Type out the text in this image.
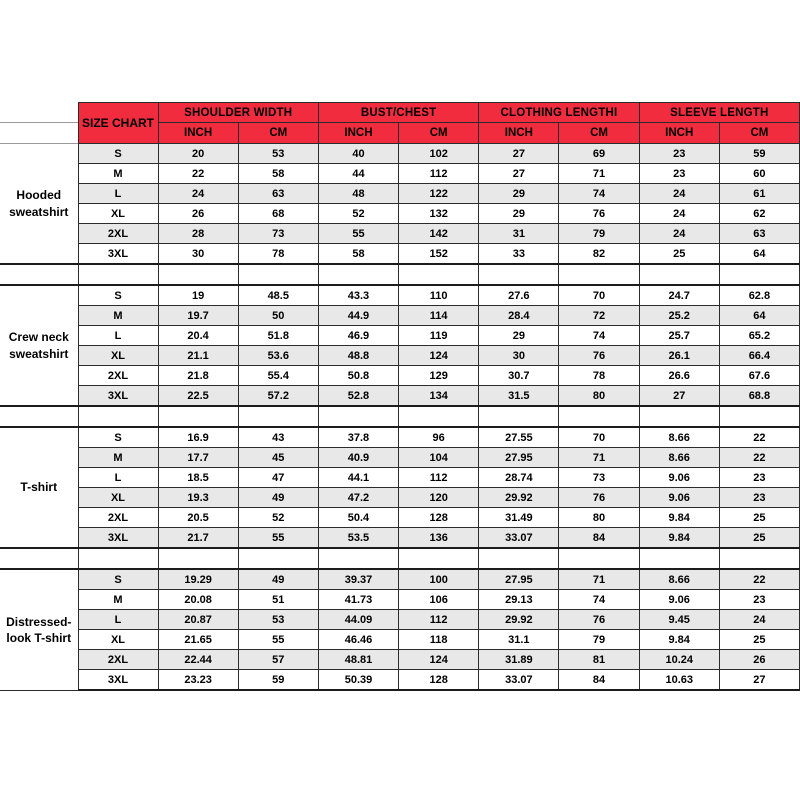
	SIZE CHART	SHOULDER WIDTH		BUST/CHEST		CLOTHING LENGTHI		SLEEVE LENGTH	
		INCH	CM	INCH	CM	INCH	CM	INCH	CM
Hooded sweatshirt	S	20	53	40	102	27	69	23	59
	M	22	58	44	112	27	71	23	60
	L	24	63	48	122	29	74	24	61
	XL	26	68	52	132	29	76	24	62
	2XL	28	73	55	142	31	79	24	63
	3XL	30	78	58	152	33	82	25	64

Crew neck sweatshirt	S	19	48.5	43.3	110	27.6	70	24.7	62.8
	M	19.7	50	44.9	114	28.4	72	25.2	64
	L	20.4	51.8	46.9	119	29	74	25.7	65.2
	XL	21.1	53.6	48.8	124	30	76	26.1	66.4
	2XL	21.8	55.4	50.8	129	30.7	78	26.6	67.6
	3XL	22.5	57.2	52.8	134	31.5	80	27	68.8

T-shirt	S	16.9	43	37.8	96	27.55	70	8.66	22
	M	17.7	45	40.9	104	27.95	71	8.66	22
	L	18.5	47	44.1	112	28.74	73	9.06	23
	XL	19.3	49	47.2	120	29.92	76	9.06	23
	2XL	20.5	52	50.4	128	31.49	80	9.84	25
	3XL	21.7	55	53.5	136	33.07	84	9.84	25

Distressed-look T-shirt	S	19.29	49	39.37	100	27.95	71	8.66	22
	M	20.08	51	41.73	106	29.13	74	9.06	23
	L	20.87	53	44.09	112	29.92	76	9.45	24
	XL	21.65	55	46.46	118	31.1	79	9.84	25
	2XL	22.44	57	48.81	124	31.89	81	10.24	26
	3XL	23.23	59	50.39	128	33.07	84	10.63	27
